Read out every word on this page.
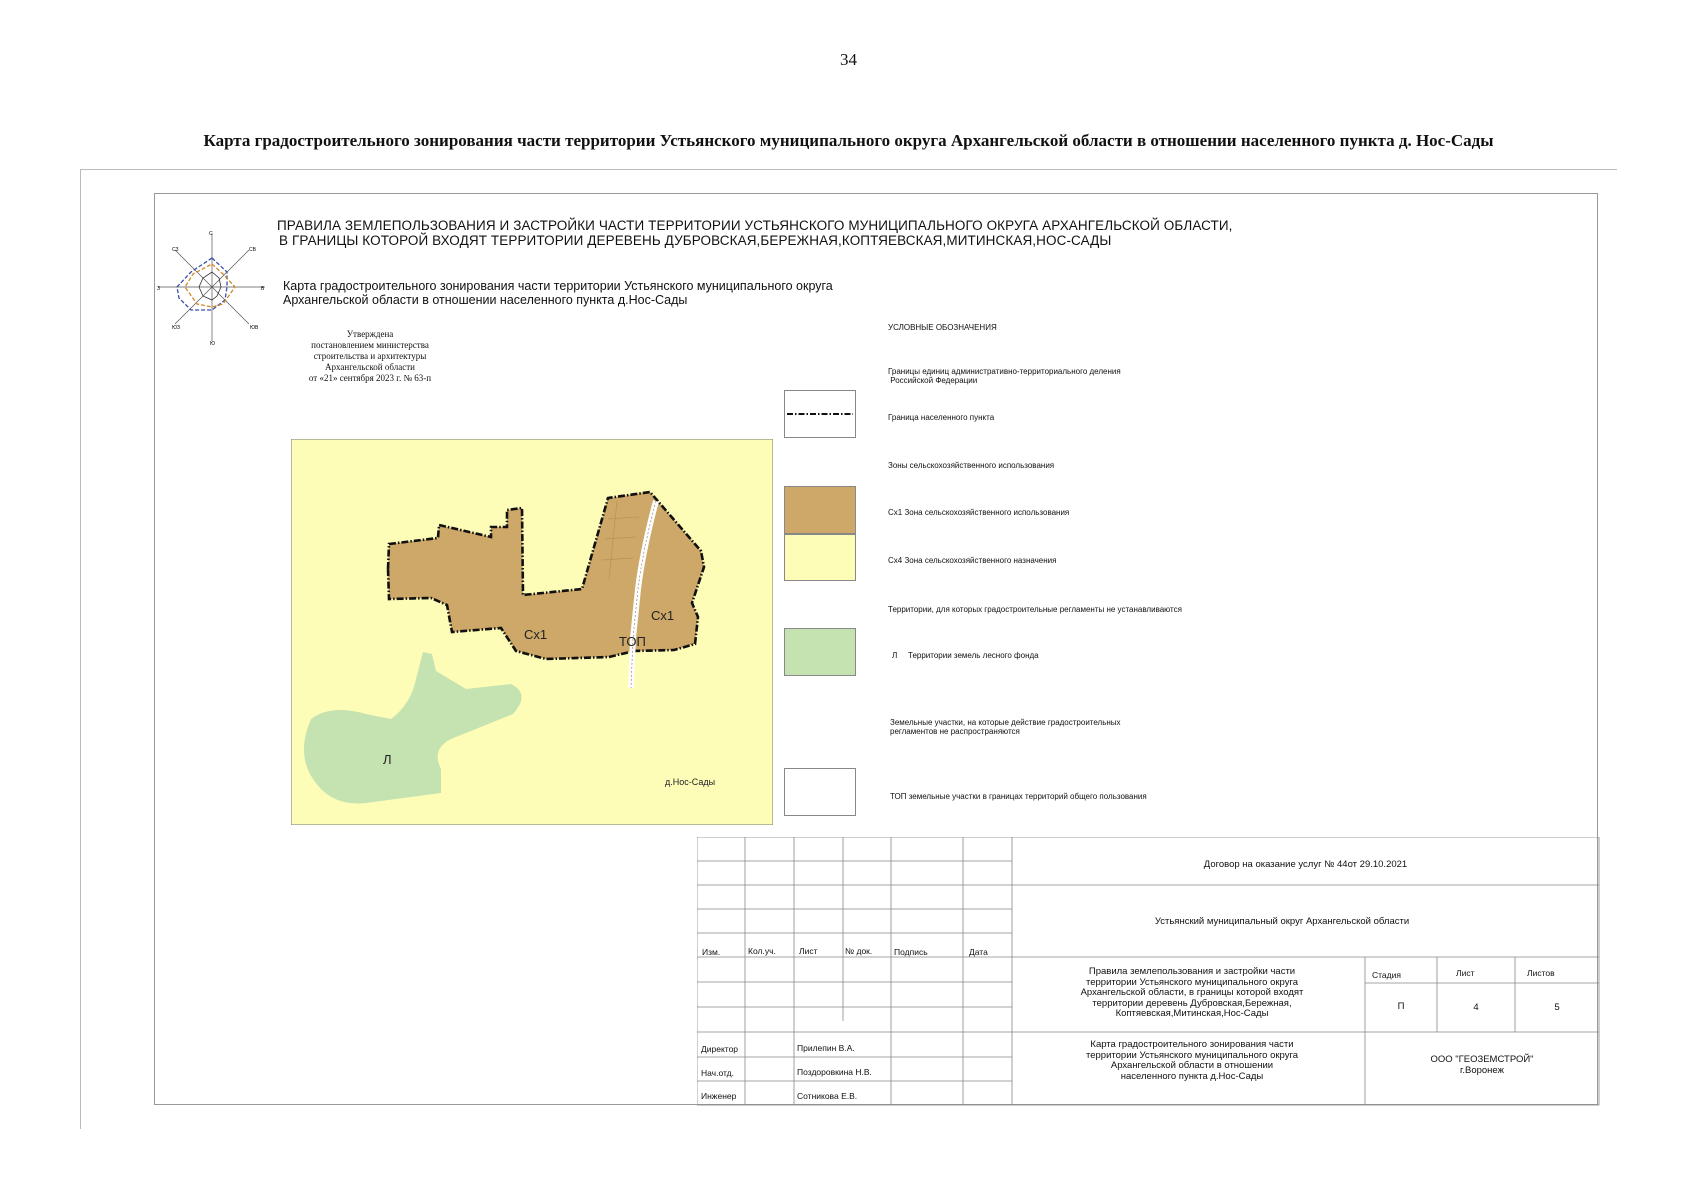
34
Карта градостроительного зонирования части территории Устьянского муниципального округа Архангельской области в отношении населенного пункта д. Нос-Сады
С
СВ
В
ЮВ
Ю
ЮЗ
З
СЗ
ПРАВИЛА ЗЕМЛЕПОЛЬЗОВАНИЯ И ЗАСТРОЙКИ ЧАСТИ ТЕРРИТОРИИ УСТЬЯНСКОГО МУНИЦИПАЛЬНОГО ОКРУГА АРХАНГЕЛЬСКОЙ ОБЛАСТИ,
В ГРАНИЦЫ КОТОРОЙ ВХОДЯТ ТЕРРИТОРИИ ДЕРЕВЕНЬ ДУБРОВСКАЯ,БЕРЕЖНАЯ,КОПТЯЕВСКАЯ,МИТИНСКАЯ,НОС-САДЫ
Карта градостроительного зонирования части территории Устьянского муниципального округа
Архангельской области в отношении населенного пункта д.Нос-Сады
Утверждена
постановлением министерства
строительства и архитектуры
Архангельской области
от «21» сентября 2023 г. № 63-п
Сх1
Сх1
ТОП
Л
д.Нос-Сады
УСЛОВНЫЕ ОБОЗНАЧЕНИЯ
Границы единиц административно-территориального деления
Российской Федерации
Граница населенного пункта
Зоны сельскохозяйственного использования
Сх1 Зона сельскохозяйственного использования
Сх4 Зона сельскохозяйственного назначения
Территории, для которых градостроительные регламенты не устанавливаются
Л Территории земель лесного фонда
Земельные участки, на которые действие градостроительных
регламентов не распространяются
ТОП земельные участки в границах территорий общего пользования
Изм.	Кол.уч.	Лист	№ док.	Подпись	Дата
Договор на оказание услуг № 44от 29.10.2021
Устьянский муниципальный округ Архангельской области
Правила землепользования и застройки части
территории Устьянского муниципального округа
Архангельской области, в границы которой входят
территории деревень Дубровская,Бережная,
Коптяевская,Митинская,Нос-Сады
Карта градостроительного зонирования части
территории Устьянского муниципального округа
Архангельской области в отношении
населенного пункта д.Нос-Сады
Стадия	Лист	Листов
П	4	5
ООО "ГЕОЗЕМСТРОЙ"
г.Воронеж
Директор	Прилепин В.А.
Нач.отд.	Поздоровкина Н.В.
Инженер	Сотникова Е.В.
